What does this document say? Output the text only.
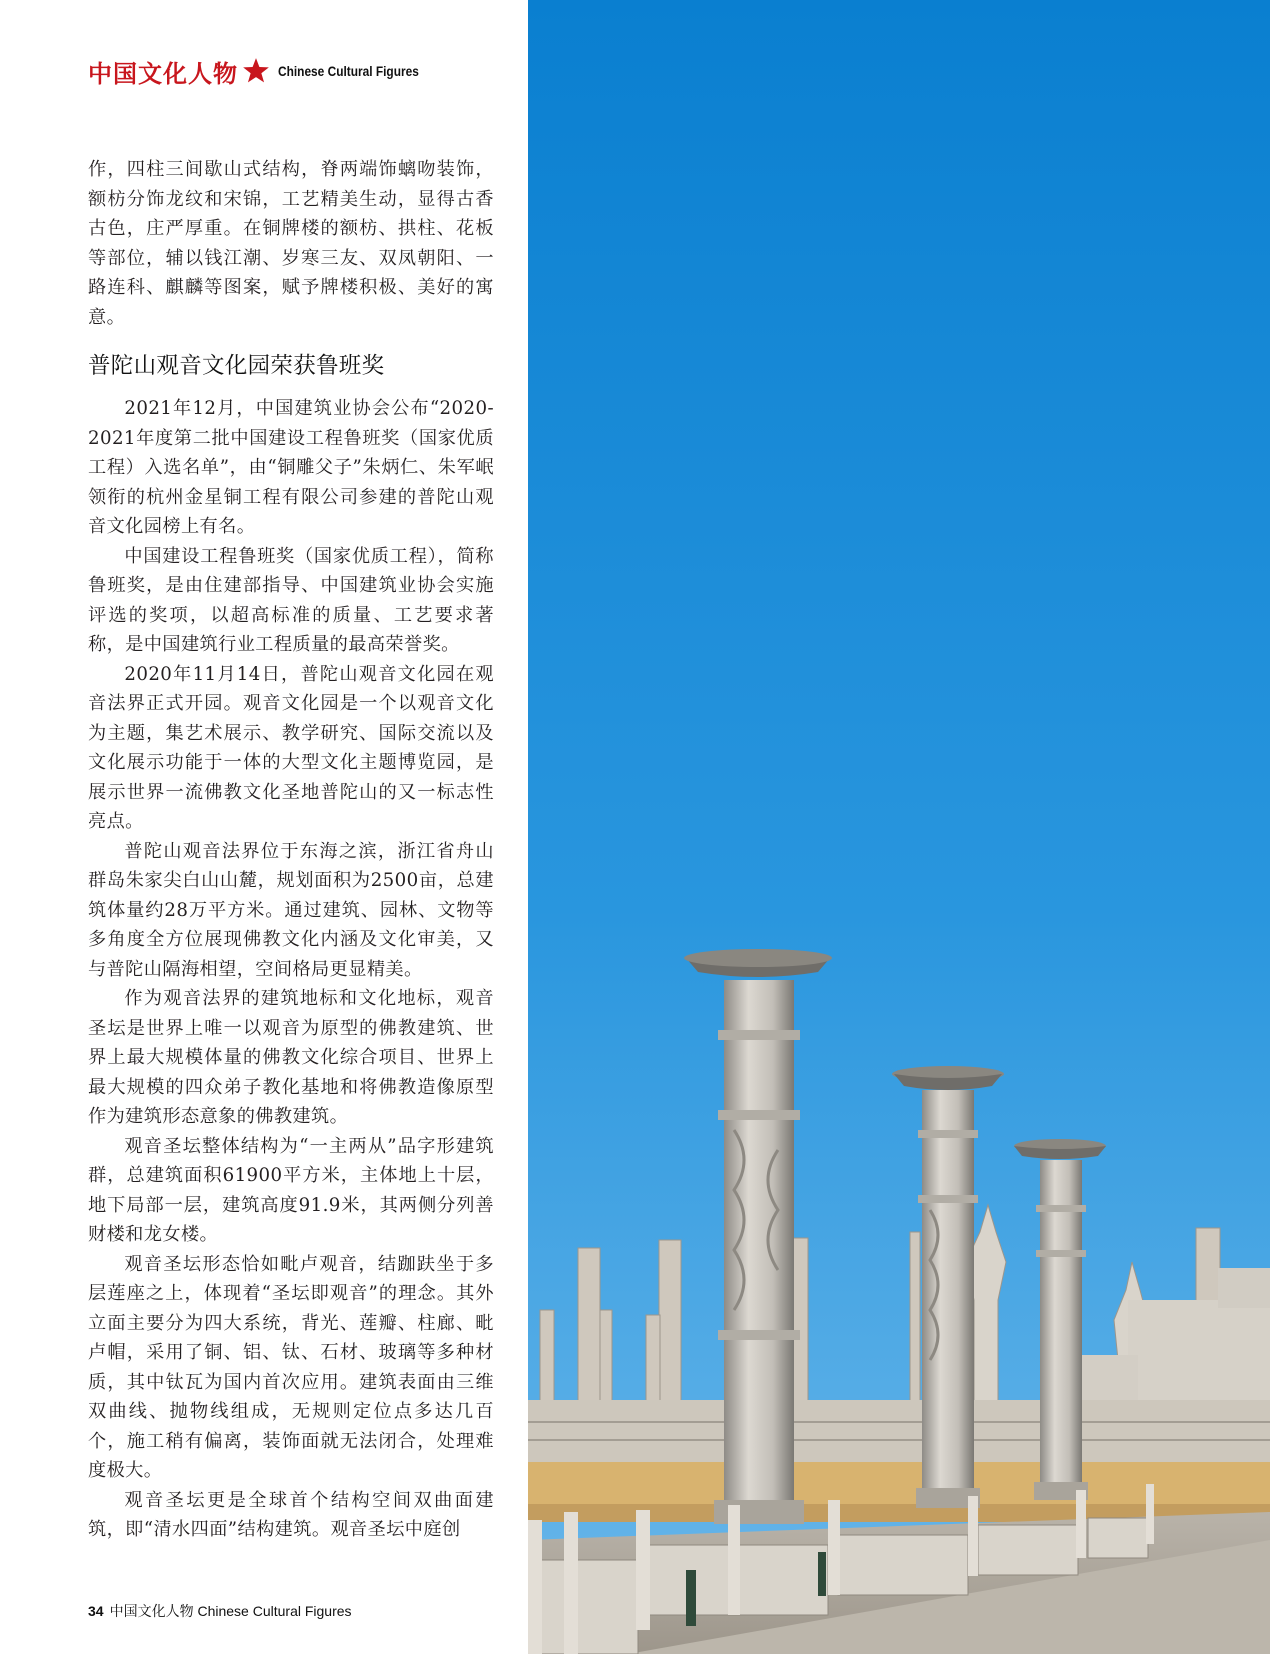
中国文化人物	Chinese Cultural Figures

作，四柱三间歇山式结构，脊两端饰螭吻装饰，额枋分饰龙纹和宋锦，工艺精美生动，显得古香古色，庄严厚重。在铜牌楼的额枋、拱柱、花板等部位，辅以钱江潮、岁寒三友、双凤朝阳、一路连科、麒麟等图案，赋予牌楼积极、美好的寓意。

普陀山观音文化园荣获鲁班奖

2021年12月，中国建筑业协会公布“2020-2021年度第二批中国建设工程鲁班奖（国家优质工程）入选名单”，由“铜雕父子”朱炳仁、朱军岷领衔的杭州金星铜工程有限公司参建的普陀山观音文化园榜上有名。

中国建设工程鲁班奖（国家优质工程），简称鲁班奖，是由住建部指导、中国建筑业协会实施评选的奖项，以超高标准的质量、工艺要求著称，是中国建筑行业工程质量的最高荣誉奖。

2020年11月14日，普陀山观音文化园在观音法界正式开园。观音文化园是一个以观音文化为主题，集艺术展示、教学研究、国际交流以及文化展示功能于一体的大型文化主题博览园，是展示世界一流佛教文化圣地普陀山的又一标志性亮点。

普陀山观音法界位于东海之滨，浙江省舟山群岛朱家尖白山山麓，规划面积为2500亩，总建筑体量约28万平方米。通过建筑、园林、文物等多角度全方位展现佛教文化内涵及文化审美，又与普陀山隔海相望，空间格局更显精美。

作为观音法界的建筑地标和文化地标，观音圣坛是世界上唯一以观音为原型的佛教建筑、世界上最大规模体量的佛教文化综合项目、世界上最大规模的四众弟子教化基地和将佛教造像原型作为建筑形态意象的佛教建筑。

观音圣坛整体结构为“一主两从”品字形建筑群，总建筑面积61900平方米，主体地上十层，地下局部一层，建筑高度91.9米，其两侧分列善财楼和龙女楼。

观音圣坛形态恰如毗卢观音，结跏趺坐于多层莲座之上，体现着“圣坛即观音”的理念。其外立面主要分为四大系统，背光、莲瓣、柱廊、毗卢帽，采用了铜、铝、钛、石材、玻璃等多种材质，其中钛瓦为国内首次应用。建筑表面由三维双曲线、抛物线组成，无规则定位点多达几百个，施工稍有偏离，装饰面就无法闭合，处理难度极大。

观音圣坛更是全球首个结构空间双曲面建筑，即“清水四面”结构建筑。观音圣坛中庭创

34 中国文化人物 Chinese Cultural Figures
